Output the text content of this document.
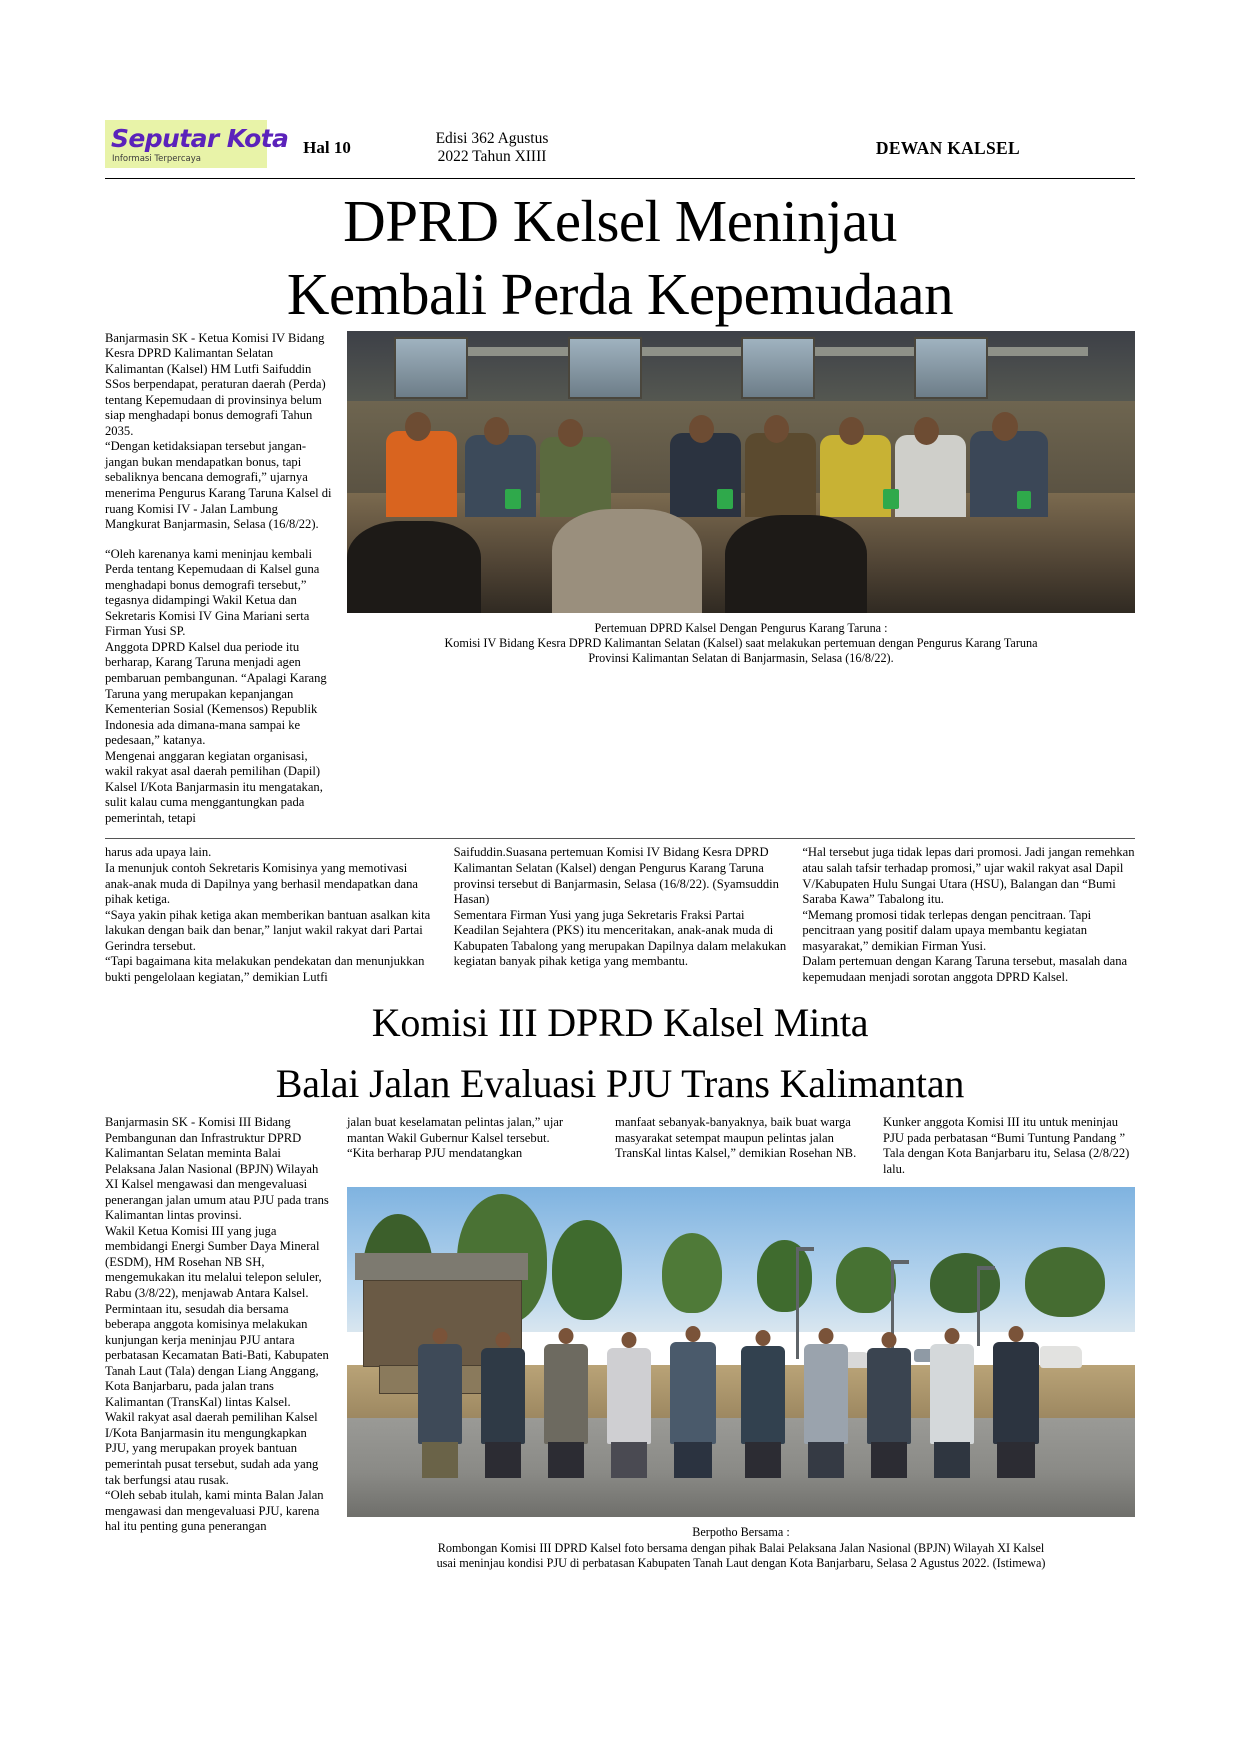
Seputar Kota
Informasi Terpercaya
Hal 10	Edisi 362 Agustus
2022 Tahun XIIII	DEWAN KALSEL
DPRD Kelsel Meninjau
Kembali Perda Kepemudaan

Banjarmasin SK - Ketua Komisi IV Bidang Kesra DPRD Kalimantan Selatan Kalimantan (Kalsel) HM Lutfi Saifuddin SSos berpendapat, peraturan daerah (Perda) tentang Kepemudaan di provinsinya belum siap menghadapi bonus demografi Tahun 2035.

“Dengan ketidaksiapan tersebut jangan-jangan bukan mendapatkan bonus, tapi sebaliknya bencana demografi,” ujarnya menerima Pengurus Karang Taruna Kalsel di ruang Komisi IV - Jalan Lambung Mangkurat Banjarmasin, Selasa (16/8/22).

“Oleh karenanya kami meninjau kembali Perda tentang Kepemudaan di Kalsel guna menghadapi bonus demografi tersebut,” tegasnya didampingi Wakil Ketua dan Sekretaris Komisi IV Gina Mariani serta Firman Yusi SP.

Anggota DPRD Kalsel dua periode itu berharap, Karang Taruna menjadi agen pembaruan pembangunan. “Apalagi Karang Taruna yang merupakan kepanjangan Kementerian Sosial (Kemensos) Republik Indonesia ada dimana-mana sampai ke pedesaan,” katanya.

Mengenai anggaran kegiatan organisasi, wakil rakyat asal daerah pemilihan (Dapil) Kalsel I/Kota Banjarmasin itu mengatakan, sulit kalau cuma menggantungkan pada pemerintah, tetapi

Pertemuan DPRD Kalsel Dengan Pengurus Karang Taruna :
Komisi IV Bidang Kesra DPRD Kalimantan Selatan (Kalsel) saat melakukan pertemuan dengan Pengurus Karang Taruna
Provinsi Kalimantan Selatan di Banjarmasin, Selasa (16/8/22).

harus ada upaya lain.

Ia menunjuk contoh Sekretaris Komisinya yang memotivasi anak-anak muda di Dapilnya yang berhasil mendapatkan dana pihak ketiga.

“Saya yakin pihak ketiga akan memberikan bantuan asalkan kita lakukan dengan baik dan benar,” lanjut wakil rakyat dari Partai Gerindra tersebut.

“Tapi bagaimana kita melakukan pendekatan dan menunjukkan bukti pengelolaan kegiatan,” demikian Lutfi

Saifuddin.Suasana pertemuan Komisi IV Bidang Kesra DPRD Kalimantan Selatan (Kalsel) dengan Pengurus Karang Taruna provinsi tersebut di Banjarmasin, Selasa (16/8/22). (Syamsuddin Hasan)

Sementara Firman Yusi yang juga Sekretaris Fraksi Partai Keadilan Sejahtera (PKS) itu menceritakan, anak-anak muda di Kabupaten Tabalong yang merupakan Dapilnya dalam melakukan kegiatan banyak pihak ketiga yang membantu.

“Hal tersebut juga tidak lepas dari promosi. Jadi jangan remehkan atau salah tafsir terhadap promosi,” ujar wakil rakyat asal Dapil V/Kabupaten Hulu Sungai Utara (HSU), Balangan dan “Bumi Saraba Kawa” Tabalong itu.

“Memang promosi tidak terlepas dengan pencitraan. Tapi pencitraan yang positif dalam upaya membantu kegiatan masyarakat,” demikian Firman Yusi.

Dalam pertemuan dengan Karang Taruna tersebut, masalah dana kepemudaan menjadi sorotan anggota DPRD Kalsel.

Komisi III DPRD Kalsel Minta
Balai Jalan Evaluasi PJU Trans Kalimantan

Banjarmasin SK - Komisi III Bidang Pembangunan dan Infrastruktur DPRD Kalimantan Selatan meminta Balai Pelaksana Jalan Nasional (BPJN) Wilayah XI Kalsel mengawasi dan mengevaluasi penerangan jalan umum atau PJU pada trans Kalimantan lintas provinsi.

Wakil Ketua Komisi III yang juga membidangi Energi Sumber Daya Mineral (ESDM), HM Rosehan NB SH, mengemukakan itu melalui telepon seluler, Rabu (3/8/22), menjawab Antara Kalsel.

Permintaan itu, sesudah dia bersama beberapa anggota komisinya melakukan kunjungan kerja meninjau PJU antara perbatasan Kecamatan Bati-Bati, Kabupaten Tanah Laut (Tala) dengan Liang Anggang, Kota Banjarbaru, pada jalan trans Kalimantan (TransKal) lintas Kalsel.

Wakil rakyat asal daerah pemilihan Kalsel I/Kota Banjarmasin itu mengungkapkan PJU, yang merupakan proyek bantuan pemerintah pusat tersebut, sudah ada yang tak berfungsi atau rusak.

“Oleh sebab itulah, kami minta Balan Jalan mengawasi dan mengevaluasi PJU, karena hal itu penting guna penerangan

jalan buat keselamatan pelintas jalan,” ujar mantan Wakil Gubernur Kalsel tersebut.

“Kita berharap PJU mendatangkan

manfaat sebanyak-banyaknya, baik buat warga masyarakat setempat maupun pelintas jalan TransKal lintas Kalsel,” demikian Rosehan NB.

Kunker anggota Komisi III itu untuk meninjau PJU pada perbatasan “Bumi Tuntung Pandang ” Tala dengan Kota Banjarbaru itu, Selasa (2/8/22) lalu.

Berpotho Bersama :
Rombongan Komisi III DPRD Kalsel foto bersama dengan pihak Balai Pelaksana Jalan Nasional (BPJN) Wilayah XI Kalsel
usai meninjau kondisi PJU di perbatasan Kabupaten Tanah Laut dengan Kota Banjarbaru, Selasa 2 Agustus 2022. (Istimewa)
